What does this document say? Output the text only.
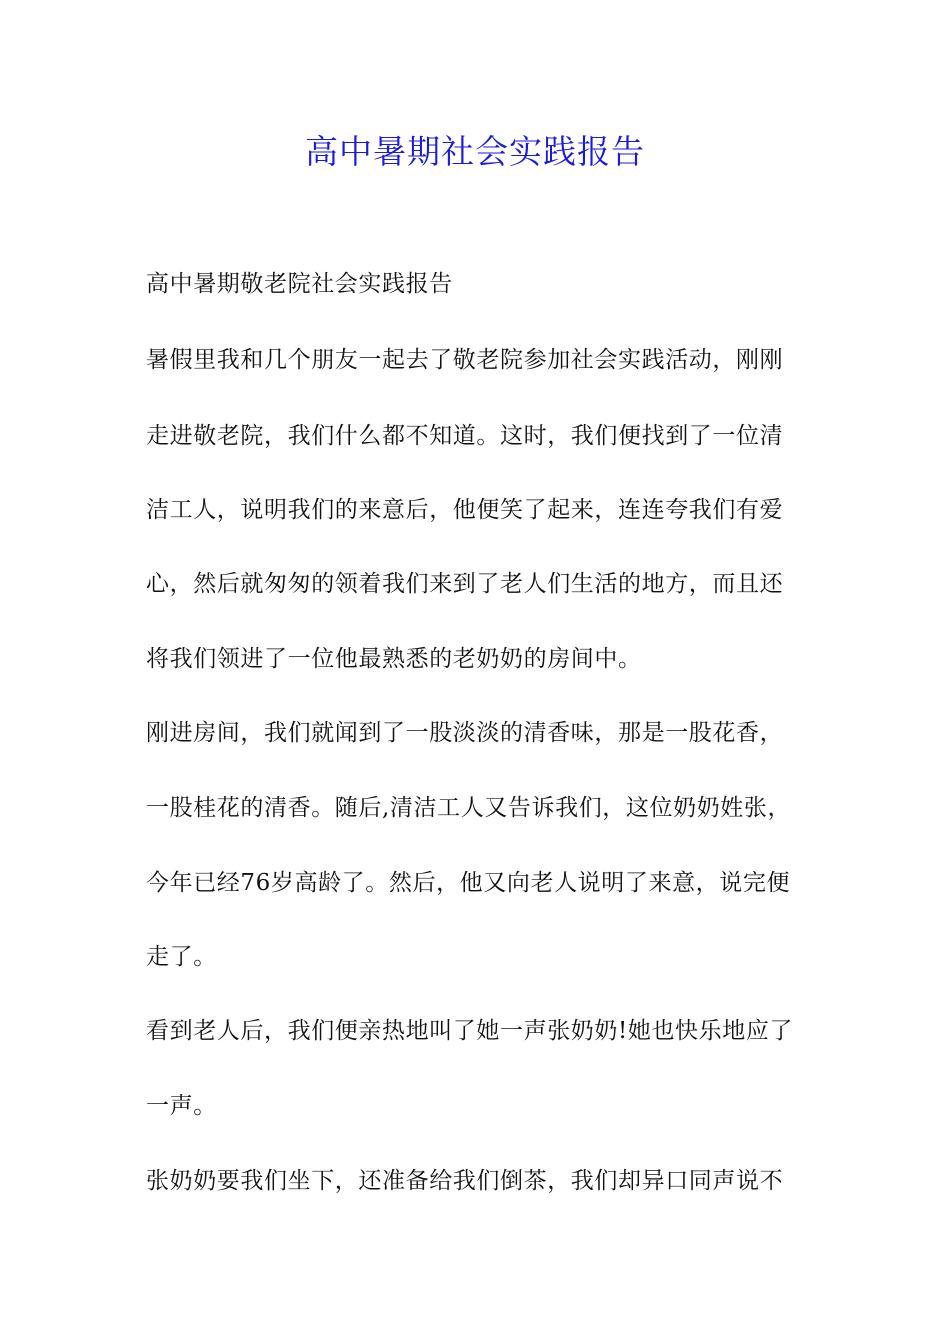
高中暑期社会实践报告
高中暑期敬老院社会实践报告
暑假里我和几个朋友一起去了敬老院参加社会实践活动，刚刚
走进敬老院，我们什么都不知道。这时，我们便找到了一位清
洁工人，说明我们的来意后，他便笑了起来，连连夸我们有爱
心，然后就匆匆的领着我们来到了老人们生活的地方，而且还
将我们领进了一位他最熟悉的老奶奶的房间中。
刚进房间，我们就闻到了一股淡淡的清香味，那是一股花香，
一股桂花的清香。随后,清洁工人又告诉我们，这位奶奶姓张，
今年已经76岁高龄了。然后，他又向老人说明了来意，说完便
走了。
看到老人后，我们便亲热地叫了她一声张奶奶!她也快乐地应了
一声。
张奶奶要我们坐下，还准备给我们倒茶，我们却异口同声说不
